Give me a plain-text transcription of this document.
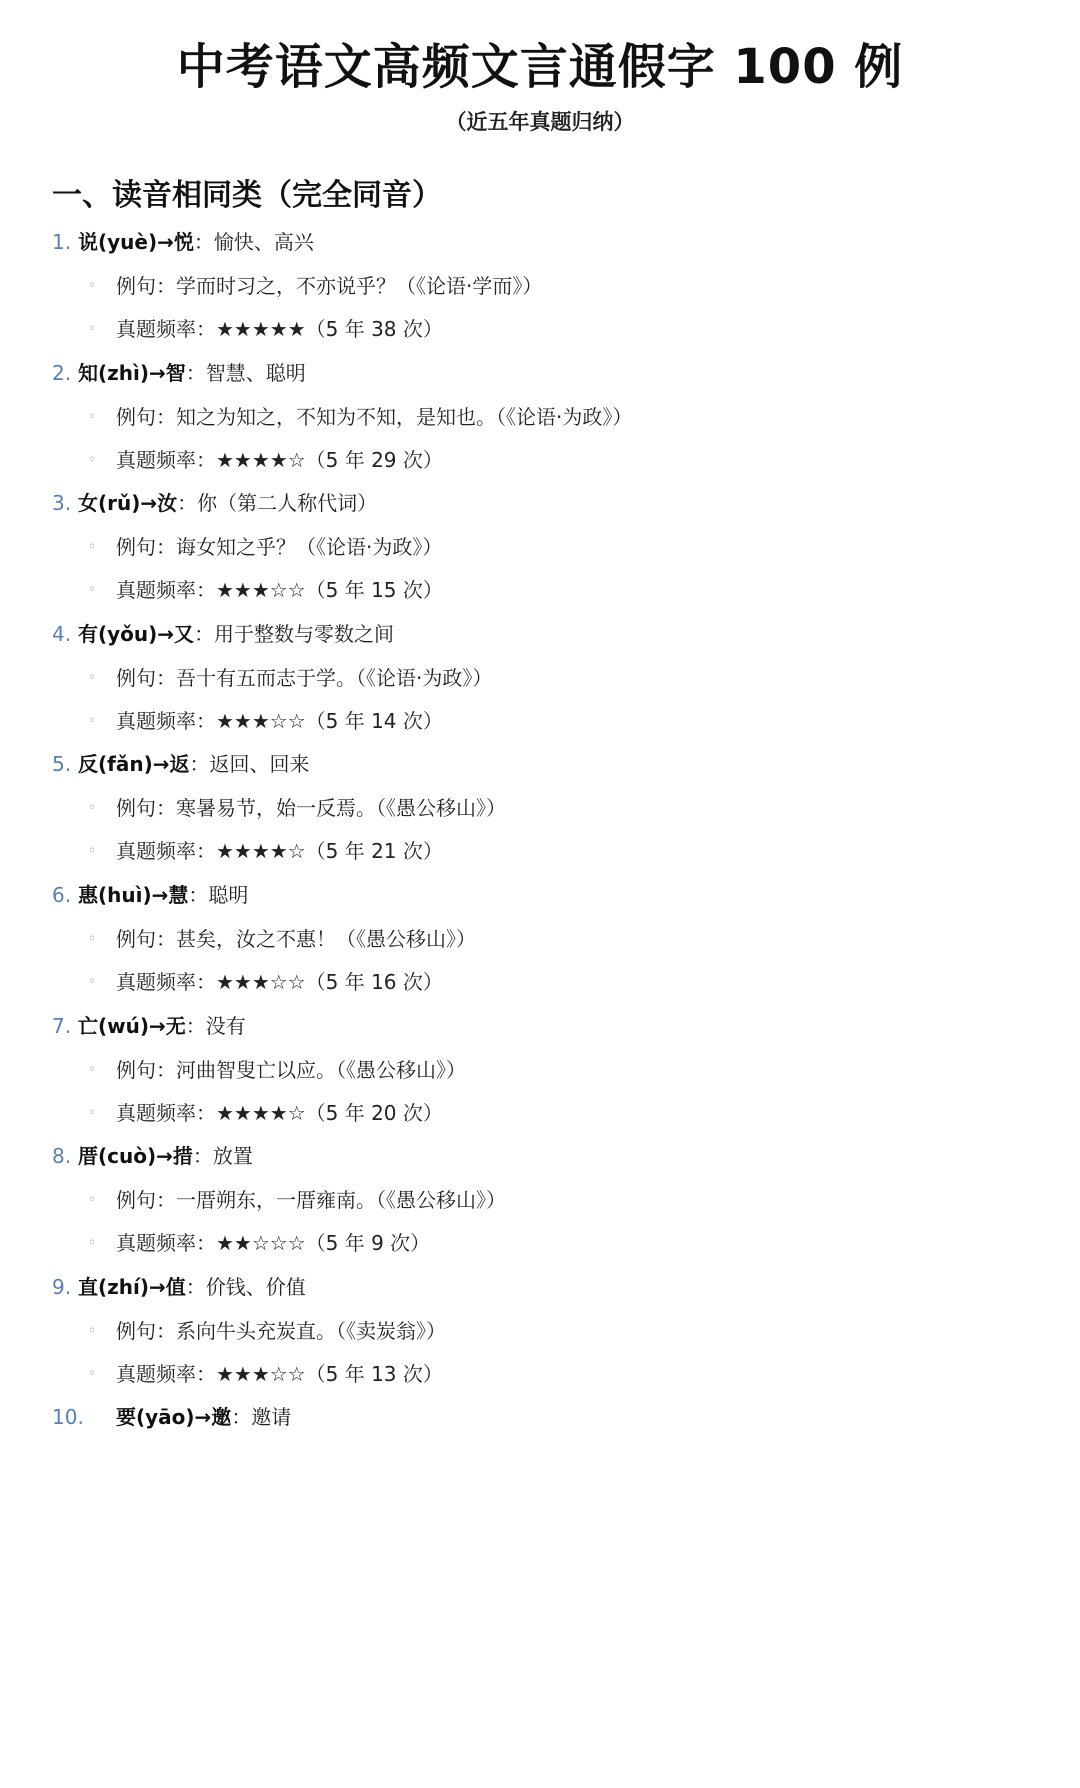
中考语文高频文言通假字 100 例
（近五年真题归纳）
一、读音相同类（完全同音）
1. 说(yuè)→悦：愉快、高兴
◦ 例句：学而时习之，不亦说乎？（《论语·学而》）
◦ 真题频率：★★★★★（5 年 38 次）
2. 知(zhì)→智：智慧、聪明
◦ 例句：知之为知之，不知为不知，是知也。（《论语·为政》）
◦ 真题频率：★★★★☆（5 年 29 次）
3. 女(rǔ)→汝：你（第二人称代词）
◦ 例句：诲女知之乎？（《论语·为政》）
◦ 真题频率：★★★☆☆（5 年 15 次）
4. 有(yǒu)→又：用于整数与零数之间
◦ 例句：吾十有五而志于学。（《论语·为政》）
◦ 真题频率：★★★☆☆（5 年 14 次）
5. 反(fǎn)→返：返回、回来
◦ 例句：寒暑易节，始一反焉。（《愚公移山》）
◦ 真题频率：★★★★☆（5 年 21 次）
6. 惠(huì)→慧：聪明
◦ 例句：甚矣，汝之不惠！（《愚公移山》）
◦ 真题频率：★★★☆☆（5 年 16 次）
7. 亡(wú)→无：没有
◦ 例句：河曲智叟亡以应。（《愚公移山》）
◦ 真题频率：★★★★☆（5 年 20 次）
8. 厝(cuò)→措：放置
◦ 例句：一厝朔东，一厝雍南。（《愚公移山》）
◦ 真题频率：★★☆☆☆（5 年 9 次）
9. 直(zhí)→值：价钱、价值
◦ 例句：系向牛头充炭直。（《卖炭翁》）
◦ 真题频率：★★★☆☆（5 年 13 次）
10. 要(yāo)→邀：邀请
